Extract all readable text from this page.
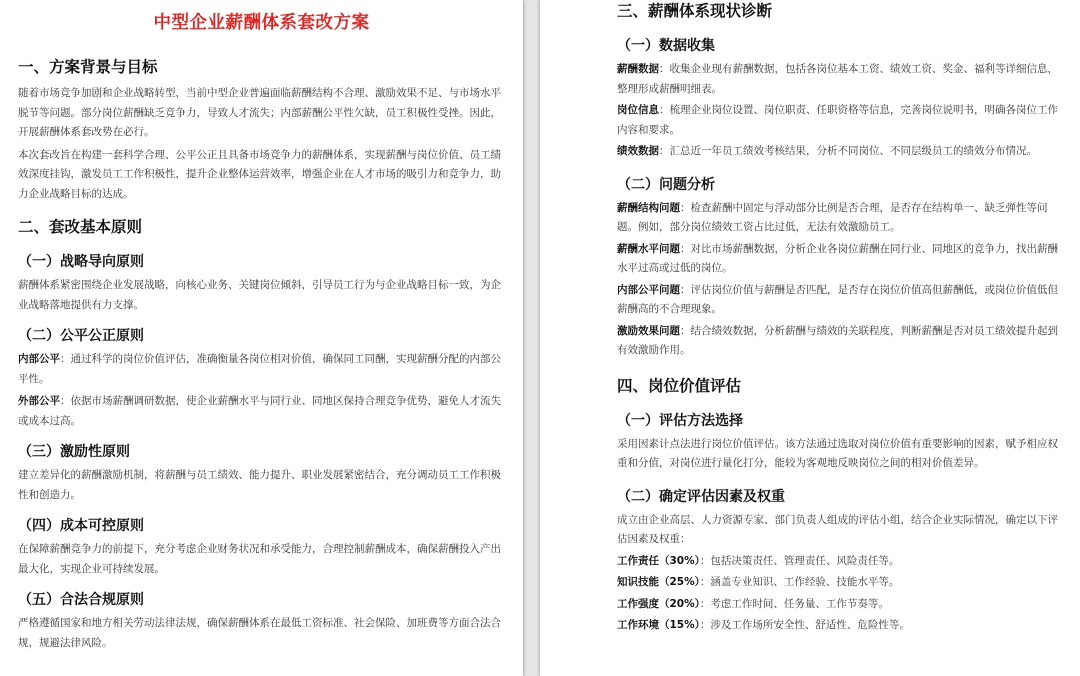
中型企业薪酬体系套改方案
一、方案背景与目标
随着市场竞争加剧和企业战略转型，当前中型企业普遍面临薪酬结构不合理、激励效果不足、与市场水平脱节等问题。部分岗位薪酬缺乏竞争力，导致人才流失；内部薪酬公平性欠缺，员工积极性受挫。因此，开展薪酬体系套改势在必行。
本次套改旨在构建一套科学合理、公平公正且具备市场竞争力的薪酬体系，实现薪酬与岗位价值、员工绩效深度挂钩，激发员工工作积极性，提升企业整体运营效率，增强企业在人才市场的吸引力和竞争力，助力企业战略目标的达成。
二、套改基本原则
（一）战略导向原则
薪酬体系紧密围绕企业发展战略，向核心业务、关键岗位倾斜，引导员工行为与企业战略目标一致，为企业战略落地提供有力支撑。
（二）公平公正原则
内部公平：通过科学的岗位价值评估，准确衡量各岗位相对价值，确保同工同酬，实现薪酬分配的内部公平性。
外部公平：依据市场薪酬调研数据，使企业薪酬水平与同行业、同地区保持合理竞争优势，避免人才流失或成本过高。
（三）激励性原则
建立差异化的薪酬激励机制，将薪酬与员工绩效、能力提升、职业发展紧密结合，充分调动员工工作积极性和创造力。
（四）成本可控原则
在保障薪酬竞争力的前提下，充分考虑企业财务状况和承受能力，合理控制薪酬成本，确保薪酬投入产出最大化，实现企业可持续发展。
（五）合法合规原则
严格遵循国家和地方相关劳动法律法规，确保薪酬体系在最低工资标准、社会保险、加班费等方面合法合规，规避法律风险。
三、薪酬体系现状诊断
（一）数据收集
薪酬数据：收集企业现有薪酬数据，包括各岗位基本工资、绩效工资、奖金、福利等详细信息，整理形成薪酬明细表。
岗位信息：梳理企业岗位设置、岗位职责、任职资格等信息，完善岗位说明书，明确各岗位工作内容和要求。
绩效数据：汇总近一年员工绩效考核结果，分析不同岗位、不同层级员工的绩效分布情况。
（二）问题分析
薪酬结构问题：检查薪酬中固定与浮动部分比例是否合理，是否存在结构单一、缺乏弹性等问题。例如，部分岗位绩效工资占比过低，无法有效激励员工。
薪酬水平问题：对比市场薪酬数据，分析企业各岗位薪酬在同行业、同地区的竞争力，找出薪酬水平过高或过低的岗位。
内部公平问题：评估岗位价值与薪酬是否匹配，是否存在岗位价值高但薪酬低，或岗位价值低但薪酬高的不合理现象。
激励效果问题：结合绩效数据，分析薪酬与绩效的关联程度，判断薪酬是否对员工绩效提升起到有效激励作用。
四、岗位价值评估
（一）评估方法选择
采用因素计点法进行岗位价值评估。该方法通过选取对岗位价值有重要影响的因素，赋予相应权重和分值，对岗位进行量化打分，能较为客观地反映岗位之间的相对价值差异。
（二）确定评估因素及权重
成立由企业高层、人力资源专家、部门负责人组成的评估小组，结合企业实际情况，确定以下评估因素及权重：
工作责任（30%）：包括决策责任、管理责任、风险责任等。
知识技能（25%）：涵盖专业知识、工作经验、技能水平等。
工作强度（20%）：考虑工作时间、任务量、工作节奏等。
工作环境（15%）：涉及工作场所安全性、舒适性、危险性等。
